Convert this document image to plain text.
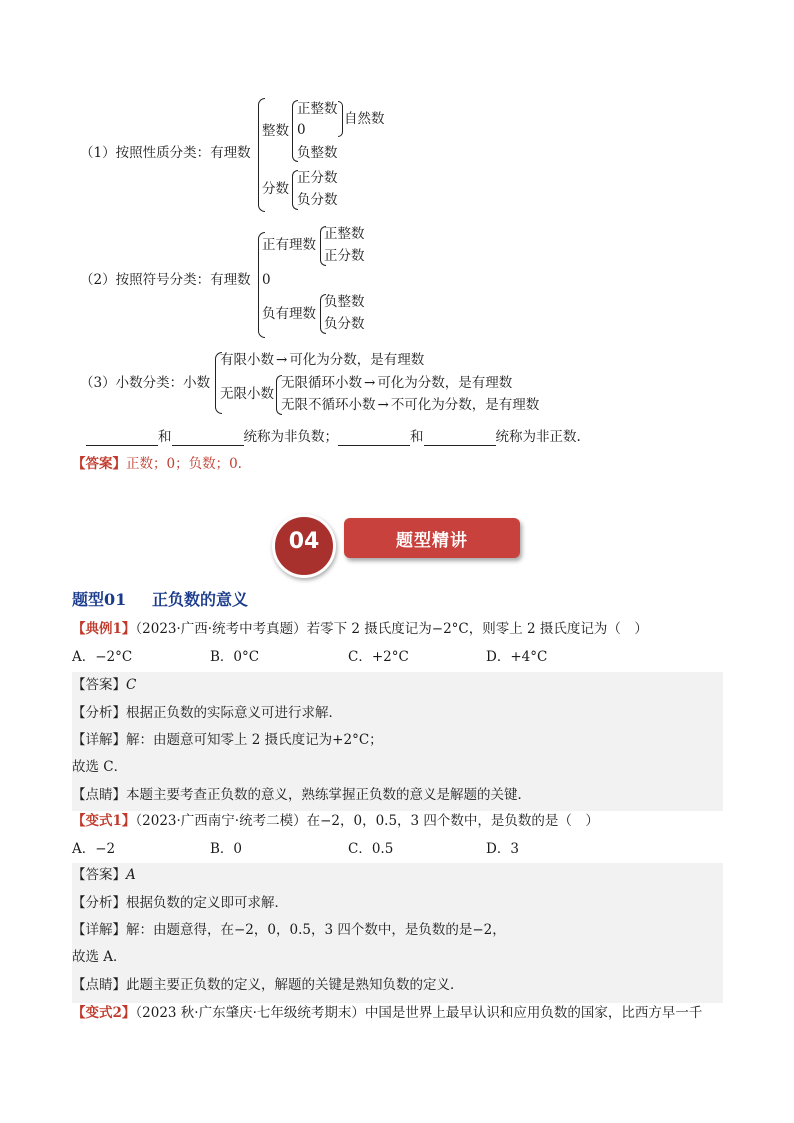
（1）按照性质分类：有理数
整数
正整数
0
负整数
自然数
分数
正分数
负分数
（2）按照符号分类：有理数
正有理数
正整数
正分数
0
负有理数
负整数
负分数
（3）小数分类：小数
有限小数 → 可化为分数，是有理数
无限小数
无限循环小数 → 可化为分数，是有理数
无限不循环小数 → 不可化为分数，是有理数
和	统称为非负数；	和	统称为非正数.
【答案】正数；0；负数；0.
题型精讲
04
题型01 正负数的意义
【典例1】（2023·广西·统考中考真题）若零下 2 摄氏度记为−2°C，则零上 2 摄氏度记为（　）
A．−2°C	B．0°C	C．+2°C	D．+4°C
【答案】C
【分析】根据正负数的实际意义可进行求解．
【详解】解：由题意可知零上 2 摄氏度记为+2°C；
故选 C．
【点睛】本题主要考查正负数的意义，熟练掌握正负数的意义是解题的关键．
【变式1】（2023·广西南宁·统考二模）在−2，0，0.5，3 四个数中，是负数的是（　）
A．−2	B．0	C．0.5	D．3
【答案】A
【分析】根据负数的定义即可求解．
【详解】解：由题意得，在−2，0，0.5，3 四个数中，是负数的是−2，
故选 A．
【点睛】此题主要正负数的定义，解题的关键是熟知负数的定义．
【变式2】（2023 秋·广东肇庆·七年级统考期末）中国是世界上最早认识和应用负数的国家，比西方早一千
